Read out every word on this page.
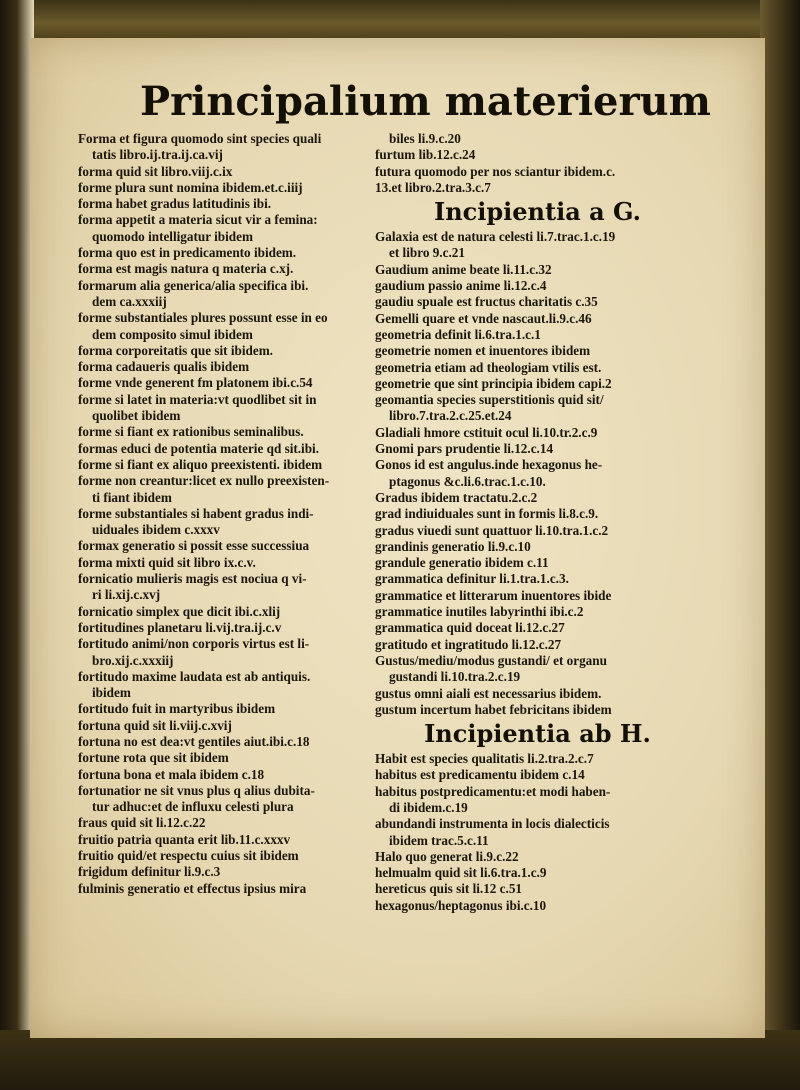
Principalium materierum
Forma et figura quomodo sint species quali
tatis libro.ij.tra.ij.ca.vij
forma quid sit libro.viij.c.ix
forme plura sunt nomina ibidem.et.c.iiij
forma habet gradus latitudinis ibi.
forma appetit a materia sicut vir a femina:
quomodo intelligatur ibidem
forma quo est in predicamento ibidem.
forma est magis natura q materia c.xj.
formarum alia generica/alia specifica ibi.
dem ca.xxxiij
forme substantiales plures possunt esse in eo
dem composito simul ibidem
forma corporeitatis que sit ibidem.
forma cadaueris qualis ibidem
forme vnde generent fm platonem ibi.c.54
forme si latet in materia:vt quodlibet sit in
quolibet ibidem
forme si fiant ex rationibus seminalibus.
formas educi de potentia materie qd sit.ibi.
forme si fiant ex aliquo preexistenti. ibidem
forme non creantur:licet ex nullo preexisten-
ti fiant ibidem
forme substantiales si habent gradus indi-
uiduales ibidem c.xxxv
formax generatio si possit esse successiua
forma mixti quid sit libro ix.c.v.
fornicatio mulieris magis est nociua q vi-
ri li.xij.c.xvj
fornicatio simplex que dicit ibi.c.xlij
fortitudines planetaru li.vij.tra.ij.c.v
fortitudo animi/non corporis virtus est li-
bro.xij.c.xxxiij
fortitudo maxime laudata est ab antiquis.
ibidem
fortitudo fuit in martyribus ibidem
fortuna quid sit li.viij.c.xvij
fortuna no est dea:vt gentiles aiut.ibi.c.18
fortune rota que sit ibidem
fortuna bona et mala ibidem c.18
fortunatior ne sit vnus plus q alius dubita-
tur adhuc:et de influxu celesti plura
fraus quid sit li.12.c.22
fruitio patria quanta erit lib.11.c.xxxv
fruitio quid/et respectu cuius sit ibidem
frigidum definitur li.9.c.3
fulminis generatio et effectus ipsius mira
biles li.9.c.20
furtum lib.12.c.24
futura quomodo per nos sciantur ibidem.c.
13.et libro.2.tra.3.c.7
Incipientia a G.
Galaxia est de natura celesti li.7.trac.1.c.19
et libro 9.c.21
Gaudium anime beate li.11.c.32
gaudium passio anime li.12.c.4
gaudiu spuale est fructus charitatis c.35
Gemelli quare et vnde nascaut.li.9.c.46
geometria definit li.6.tra.1.c.1
geometrie nomen et inuentores ibidem
geometria etiam ad theologiam vtilis est.
geometrie que sint principia ibidem capi.2
geomantia species superstitionis quid sit/
libro.7.tra.2.c.25.et.24
Gladiali hmore cstituit ocul li.10.tr.2.c.9
Gnomi pars prudentie li.12.c.14
Gonos id est angulus.inde hexagonus he-
ptagonus &c.li.6.trac.1.c.10.
Gradus ibidem tractatu.2.c.2
grad indiuiduales sunt in formis li.8.c.9.
gradus viuedi sunt quattuor li.10.tra.1.c.2
grandinis generatio li.9.c.10
grandule generatio ibidem c.11
grammatica definitur li.1.tra.1.c.3.
grammatice et litterarum inuentores ibide
grammatice inutiles labyrinthi ibi.c.2
grammatica quid doceat li.12.c.27
gratitudo et ingratitudo li.12.c.27
Gustus/mediu/modus gustandi/ et organu
gustandi li.10.tra.2.c.19
gustus omni aiali est necessarius ibidem.
gustum incertum habet febricitans ibidem
Incipientia ab H.
Habit est species qualitatis li.2.tra.2.c.7
habitus est predicamentu ibidem c.14
habitus postpredicamentu:et modi haben-
di ibidem.c.19
abundandi instrumenta in locis dialecticis
ibidem trac.5.c.11
Halo quo generat li.9.c.22
helmualm quid sit li.6.tra.1.c.9
hereticus quis sit li.12 c.51
hexagonus/heptagonus ibi.c.10
